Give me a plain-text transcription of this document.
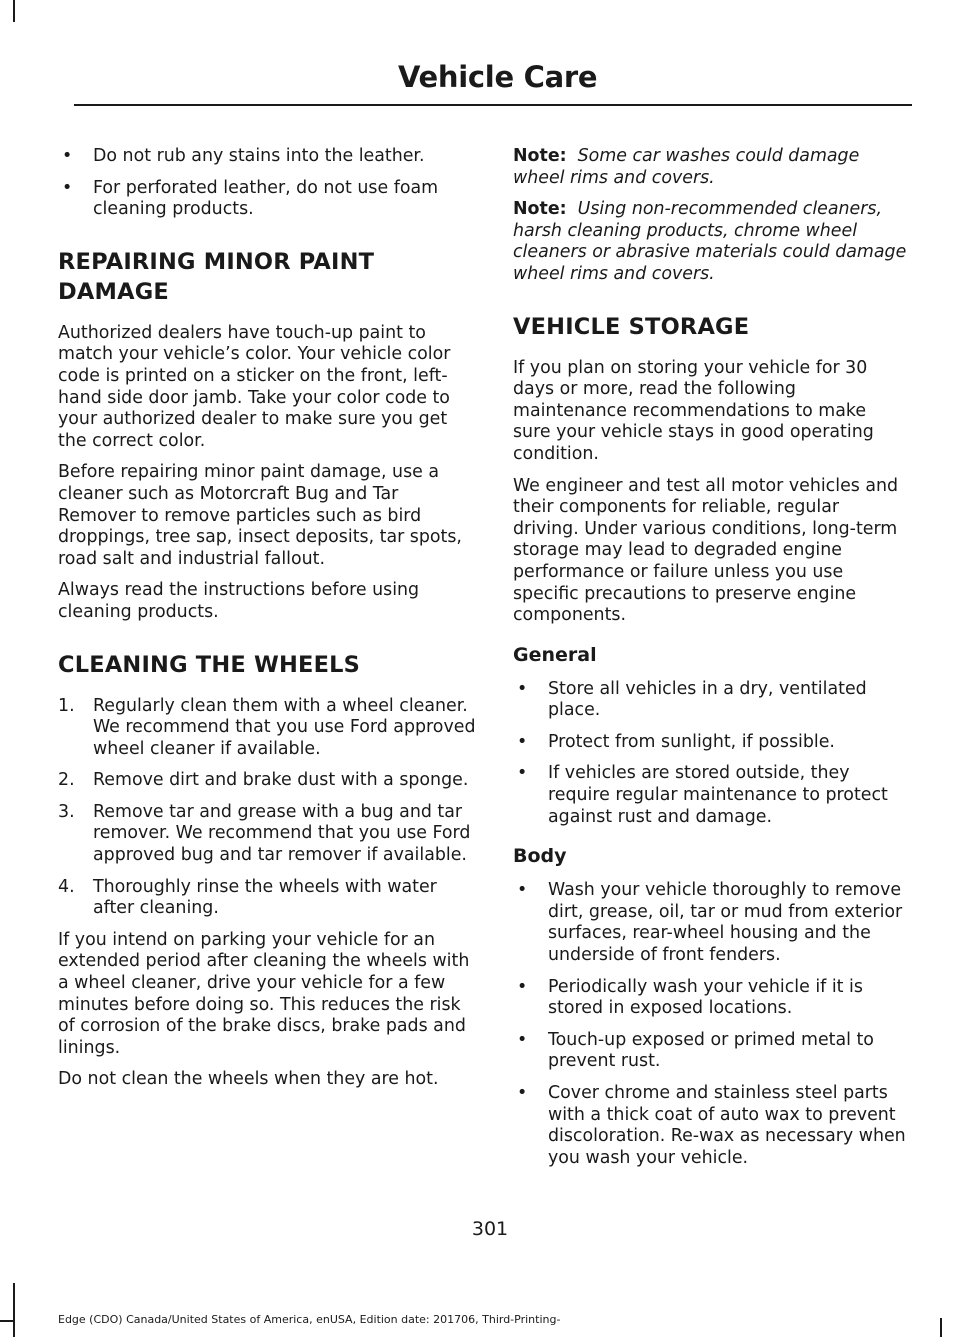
Vehicle Care
•	Do not rub any stains into the leather.
•	For perforated leather, do not use foam cleaning products.
REPAIRING MINOR PAINT
DAMAGE

Authorized dealers have touch-up paint to match your vehicle’s color. Your vehicle color code is printed on a sticker on the front, left-hand side door jamb. Take your color code to your authorized dealer to make sure you get the correct color.

Before repairing minor paint damage, use a cleaner such as Motorcraft Bug and Tar Remover to remove particles such as bird droppings, tree sap, insect deposits, tar spots, road salt and industrial fallout.

Always read the instructions before using cleaning products.

CLEANING THE WHEELS
1.	Regularly clean them with a wheel cleaner. We recommend that you use Ford approved wheel cleaner if available.
2.	Remove dirt and brake dust with a sponge.
3.	Remove tar and grease with a bug and tar remover. We recommend that you use Ford approved bug and tar remover if available.
4.	Thoroughly rinse the wheels with water after cleaning.

If you intend on parking your vehicle for an extended period after cleaning the wheels with a wheel cleaner, drive your vehicle for a few minutes before doing so. This reduces the risk of corrosion of the brake discs, brake pads and linings.

Do not clean the wheels when they are hot.

Note: Some car washes could damage wheel rims and covers.

Note: Using non-recommended cleaners, harsh cleaning products, chrome wheel cleaners or abrasive materials could damage wheel rims and covers.

VEHICLE STORAGE

If you plan on storing your vehicle for 30 days or more, read the following maintenance recommendations to make sure your vehicle stays in good operating condition.

We engineer and test all motor vehicles and their components for reliable, regular driving. Under various conditions, long-term storage may lead to degraded engine performance or failure unless you use specific precautions to preserve engine components.

General
•	Store all vehicles in a dry, ventilated place.
•	Protect from sunlight, if possible.
•	If vehicles are stored outside, they require regular maintenance to protect against rust and damage.
Body
•	Wash your vehicle thoroughly to remove dirt, grease, oil, tar or mud from exterior surfaces, rear-wheel housing and the underside of front fenders.
•	Periodically wash your vehicle if it is stored in exposed locations.
•	Touch-up exposed or primed metal to prevent rust.
•	Cover chrome and stainless steel parts with a thick coat of auto wax to prevent discoloration. Re-wax as necessary when you wash your vehicle.
301
Edge (CDO) Canada/United States of America, enUSA, Edition date: 201706, Third-Printing-
